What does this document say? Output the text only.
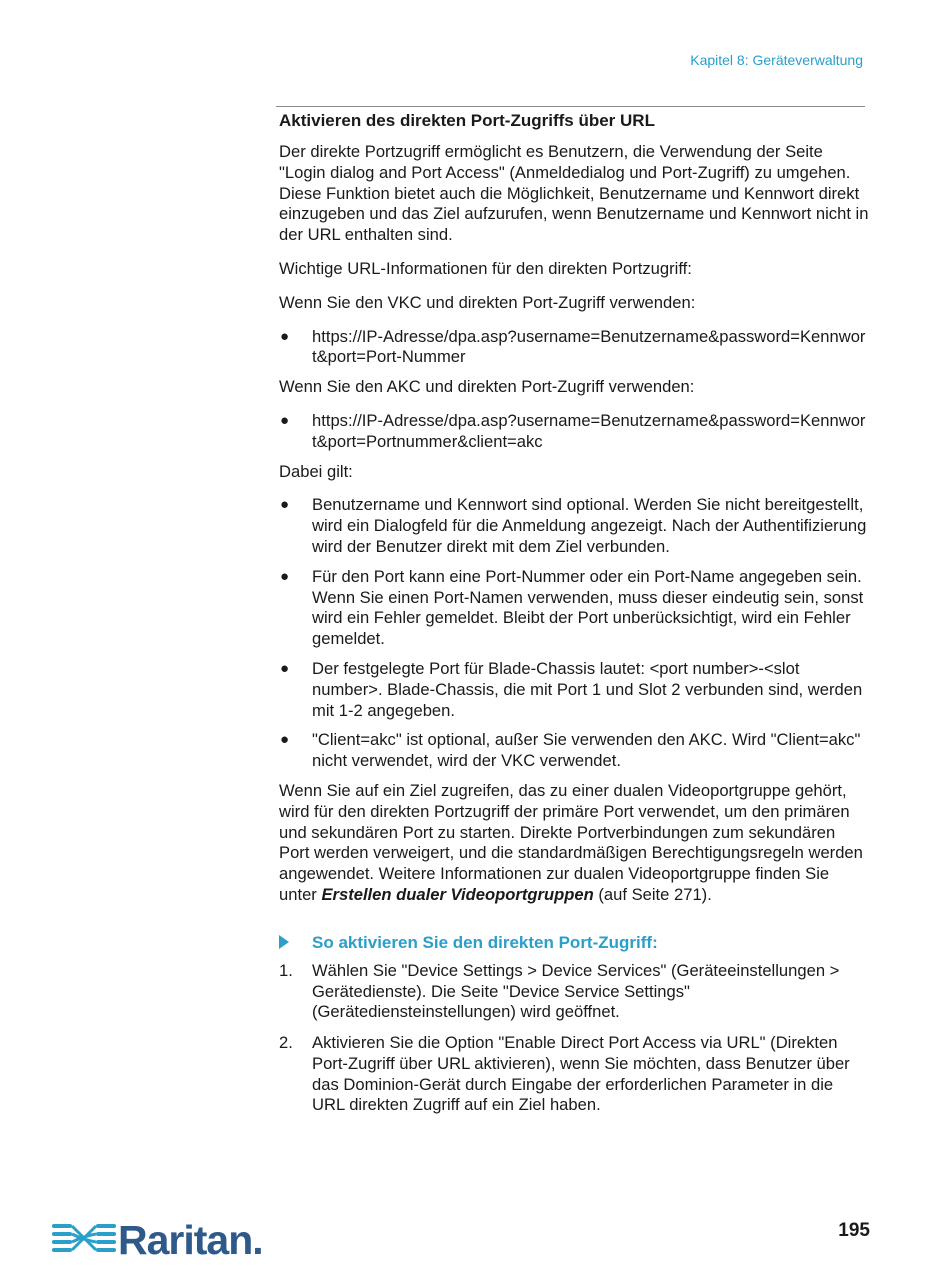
Kapitel 8: Geräteverwaltung
Aktivieren des direkten Port-Zugriffs über URL

Der direkte Portzugriff ermöglicht es Benutzern, die Verwendung der Seite "Login dialog and Port Access" (Anmeldedialog und Port-Zugriff) zu umgehen. Diese Funktion bietet auch die Möglichkeit, Benutzername und Kennwort direkt einzugeben und das Ziel aufzurufen, wenn Benutzername und Kennwort nicht in der URL enthalten sind.

Wichtige URL-Informationen für den direkten Portzugriff:

Wenn Sie den VKC und direkten Port-Zugriff verwenden:

● https://IP-Adresse/dpa.asp?username=Benutzername&password=Kennwort&port=Port-Nummer

Wenn Sie den AKC und direkten Port-Zugriff verwenden:

● https://IP-Adresse/dpa.asp?username=Benutzername&password=Kennwort&port=Portnummer&client=akc

Dabei gilt:

● Benutzername und Kennwort sind optional. Werden Sie nicht bereitgestellt, wird ein Dialogfeld für die Anmeldung angezeigt. Nach der Authentifizierung wird der Benutzer direkt mit dem Ziel verbunden.
● Für den Port kann eine Port-Nummer oder ein Port-Name angegeben sein. Wenn Sie einen Port-Namen verwenden, muss dieser eindeutig sein, sonst wird ein Fehler gemeldet. Bleibt der Port unberücksichtigt, wird ein Fehler gemeldet.
● Der festgelegte Port für Blade-Chassis lautet: <port number>-<slot number>. Blade-Chassis, die mit Port 1 und Slot 2 verbunden sind, werden mit 1-2 angegeben.
● "Client=akc" ist optional, außer Sie verwenden den AKC. Wird "Client=akc" nicht verwendet, wird der VKC verwendet.

Wenn Sie auf ein Ziel zugreifen, das zu einer dualen Videoportgruppe gehört, wird für den direkten Portzugriff der primäre Port verwendet, um den primären und sekundären Port zu starten. Direkte Portverbindungen zum sekundären Port werden verweigert, und die standardmäßigen Berechtigungsregeln werden angewendet. Weitere Informationen zur dualen Videoportgruppe finden Sie unter Erstellen dualer Videoportgruppen (auf Seite 271).

So aktivieren Sie den direkten Port-Zugriff:
1. Wählen Sie "Device Settings > Device Services" (Geräteeinstellungen > Gerätedienste). Die Seite "Device Service Settings" (Gerätediensteinstellungen) wird geöffnet.
2. Aktivieren Sie die Option "Enable Direct Port Access via URL" (Direkten Port-Zugriff über URL aktivieren), wenn Sie möchten, dass Benutzer über das Dominion-Gerät durch Eingabe der erforderlichen Parameter in die URL direkten Zugriff auf ein Ziel haben.
Raritan.	195
